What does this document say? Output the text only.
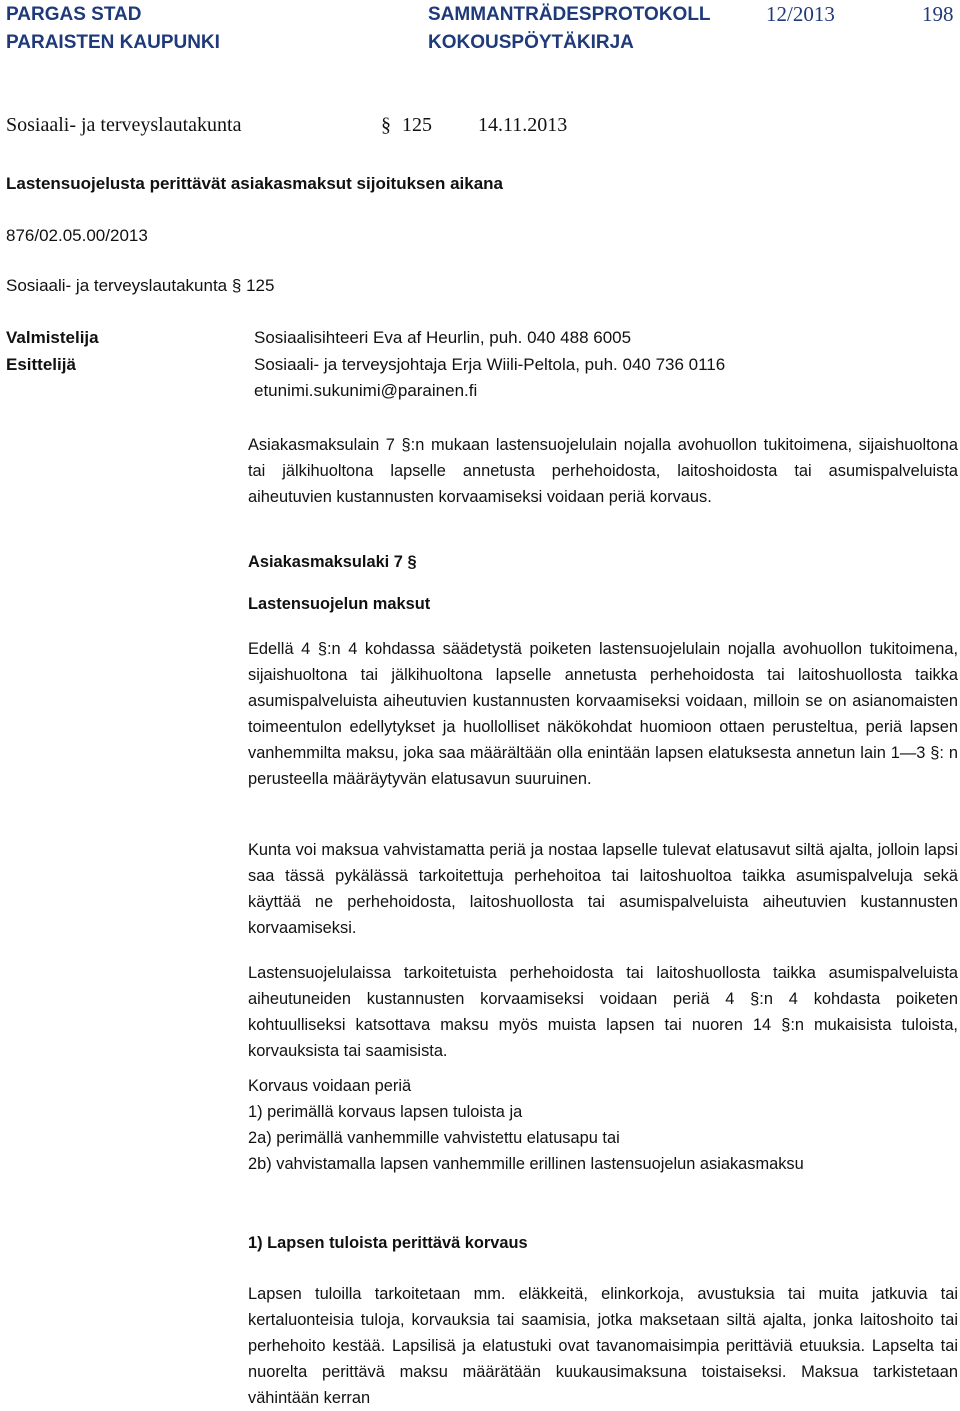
PARGAS STAD
PARAISTEN KAUPUNKI
SAMMANTRÄDESPROTOKOLL
KOKOUSPÖYTÄKIRJA
12/2013	198
Sosiaali- ja terveyslautakunta	§ 125 14.11.2013
Lastensuojelusta perittävät asiakasmaksut sijoituksen aikana
876/02.05.00/2013
Sosiaali- ja terveyslautakunta § 125
Valmistelija	Sosiaalisihteeri Eva af Heurlin, puh. 040 488 6005
Esittelijä	Sosiaali- ja terveysjohtaja Erja Wiili-Peltola, puh. 040 736 0116
etunimi.sukunimi@parainen.fi

Asiakasmaksulain 7 §:n mukaan lastensuojelulain nojalla avohuollon tukitoimena, sijaishuoltona tai jälkihuoltona lapselle annetusta perhehoidosta, laitoshoidosta tai asumispalveluista aiheutuvien kustannusten korvaamiseksi voidaan periä korvaus.

Asiakasmaksulaki 7 §
Lastensuojelun maksut

Edellä 4 §:n 4 kohdassa säädetystä poiketen lastensuojelulain nojalla avohuollon tukitoimena, sijaishuoltona tai jälkihuoltona lapselle annetusta perhehoidosta tai laitoshuollosta taikka asumispalveluista aiheutuvien kustannusten korvaamiseksi voidaan, milloin se on asianomaisten toimeentulon edellytykset ja huollolliset näkökohdat huomioon ottaen perusteltua, periä lapsen vanhemmilta maksu, joka saa määrältään olla enintään lapsen elatuksesta annetun lain 1—3 §: n perusteella määräytyvän elatusavun suuruinen.

Kunta voi maksua vahvistamatta periä ja nostaa lapselle tulevat elatusavut siltä ajalta, jolloin lapsi saa tässä pykälässä tarkoitettuja perhehoitoa tai laitoshuoltoa taikka asumispalveluja sekä käyttää ne perhehoidosta, laitoshuollosta tai asumispalveluista aiheutuvien kustannusten korvaamiseksi.

Lastensuojelulaissa tarkoitetuista perhehoidosta tai laitoshuollosta taikka asumispalveluista aiheutuneiden kustannusten korvaamiseksi voidaan periä 4 §:n 4 kohdasta poiketen kohtuulliseksi katsottava maksu myös muista lapsen tai nuoren 14 §:n mukaisista tuloista, korvauksista tai saamisista.

Korvaus voidaan periä

1) perimällä korvaus lapsen tuloista ja

2a) perimällä vanhemmille vahvistettu elatusapu tai

2b) vahvistamalla lapsen vanhemmille erillinen lastensuojelun asiakasmaksu

1) Lapsen tuloista perittävä korvaus

Lapsen tuloilla tarkoitetaan mm. eläkkeitä, elinkorkoja, avustuksia tai muita jatkuvia tai kertaluonteisia tuloja, korvauksia tai saamisia, jotka maksetaan siltä ajalta, jonka laitoshoito tai perhehoito kestää. Lapsilisä ja elatustuki ovat tavanomaisimpia perittäviä etuuksia. Lapselta tai nuorelta perittävä maksu määrätään kuukausimaksuna toistaiseksi. Maksua tarkistetaan vähintään kerran
